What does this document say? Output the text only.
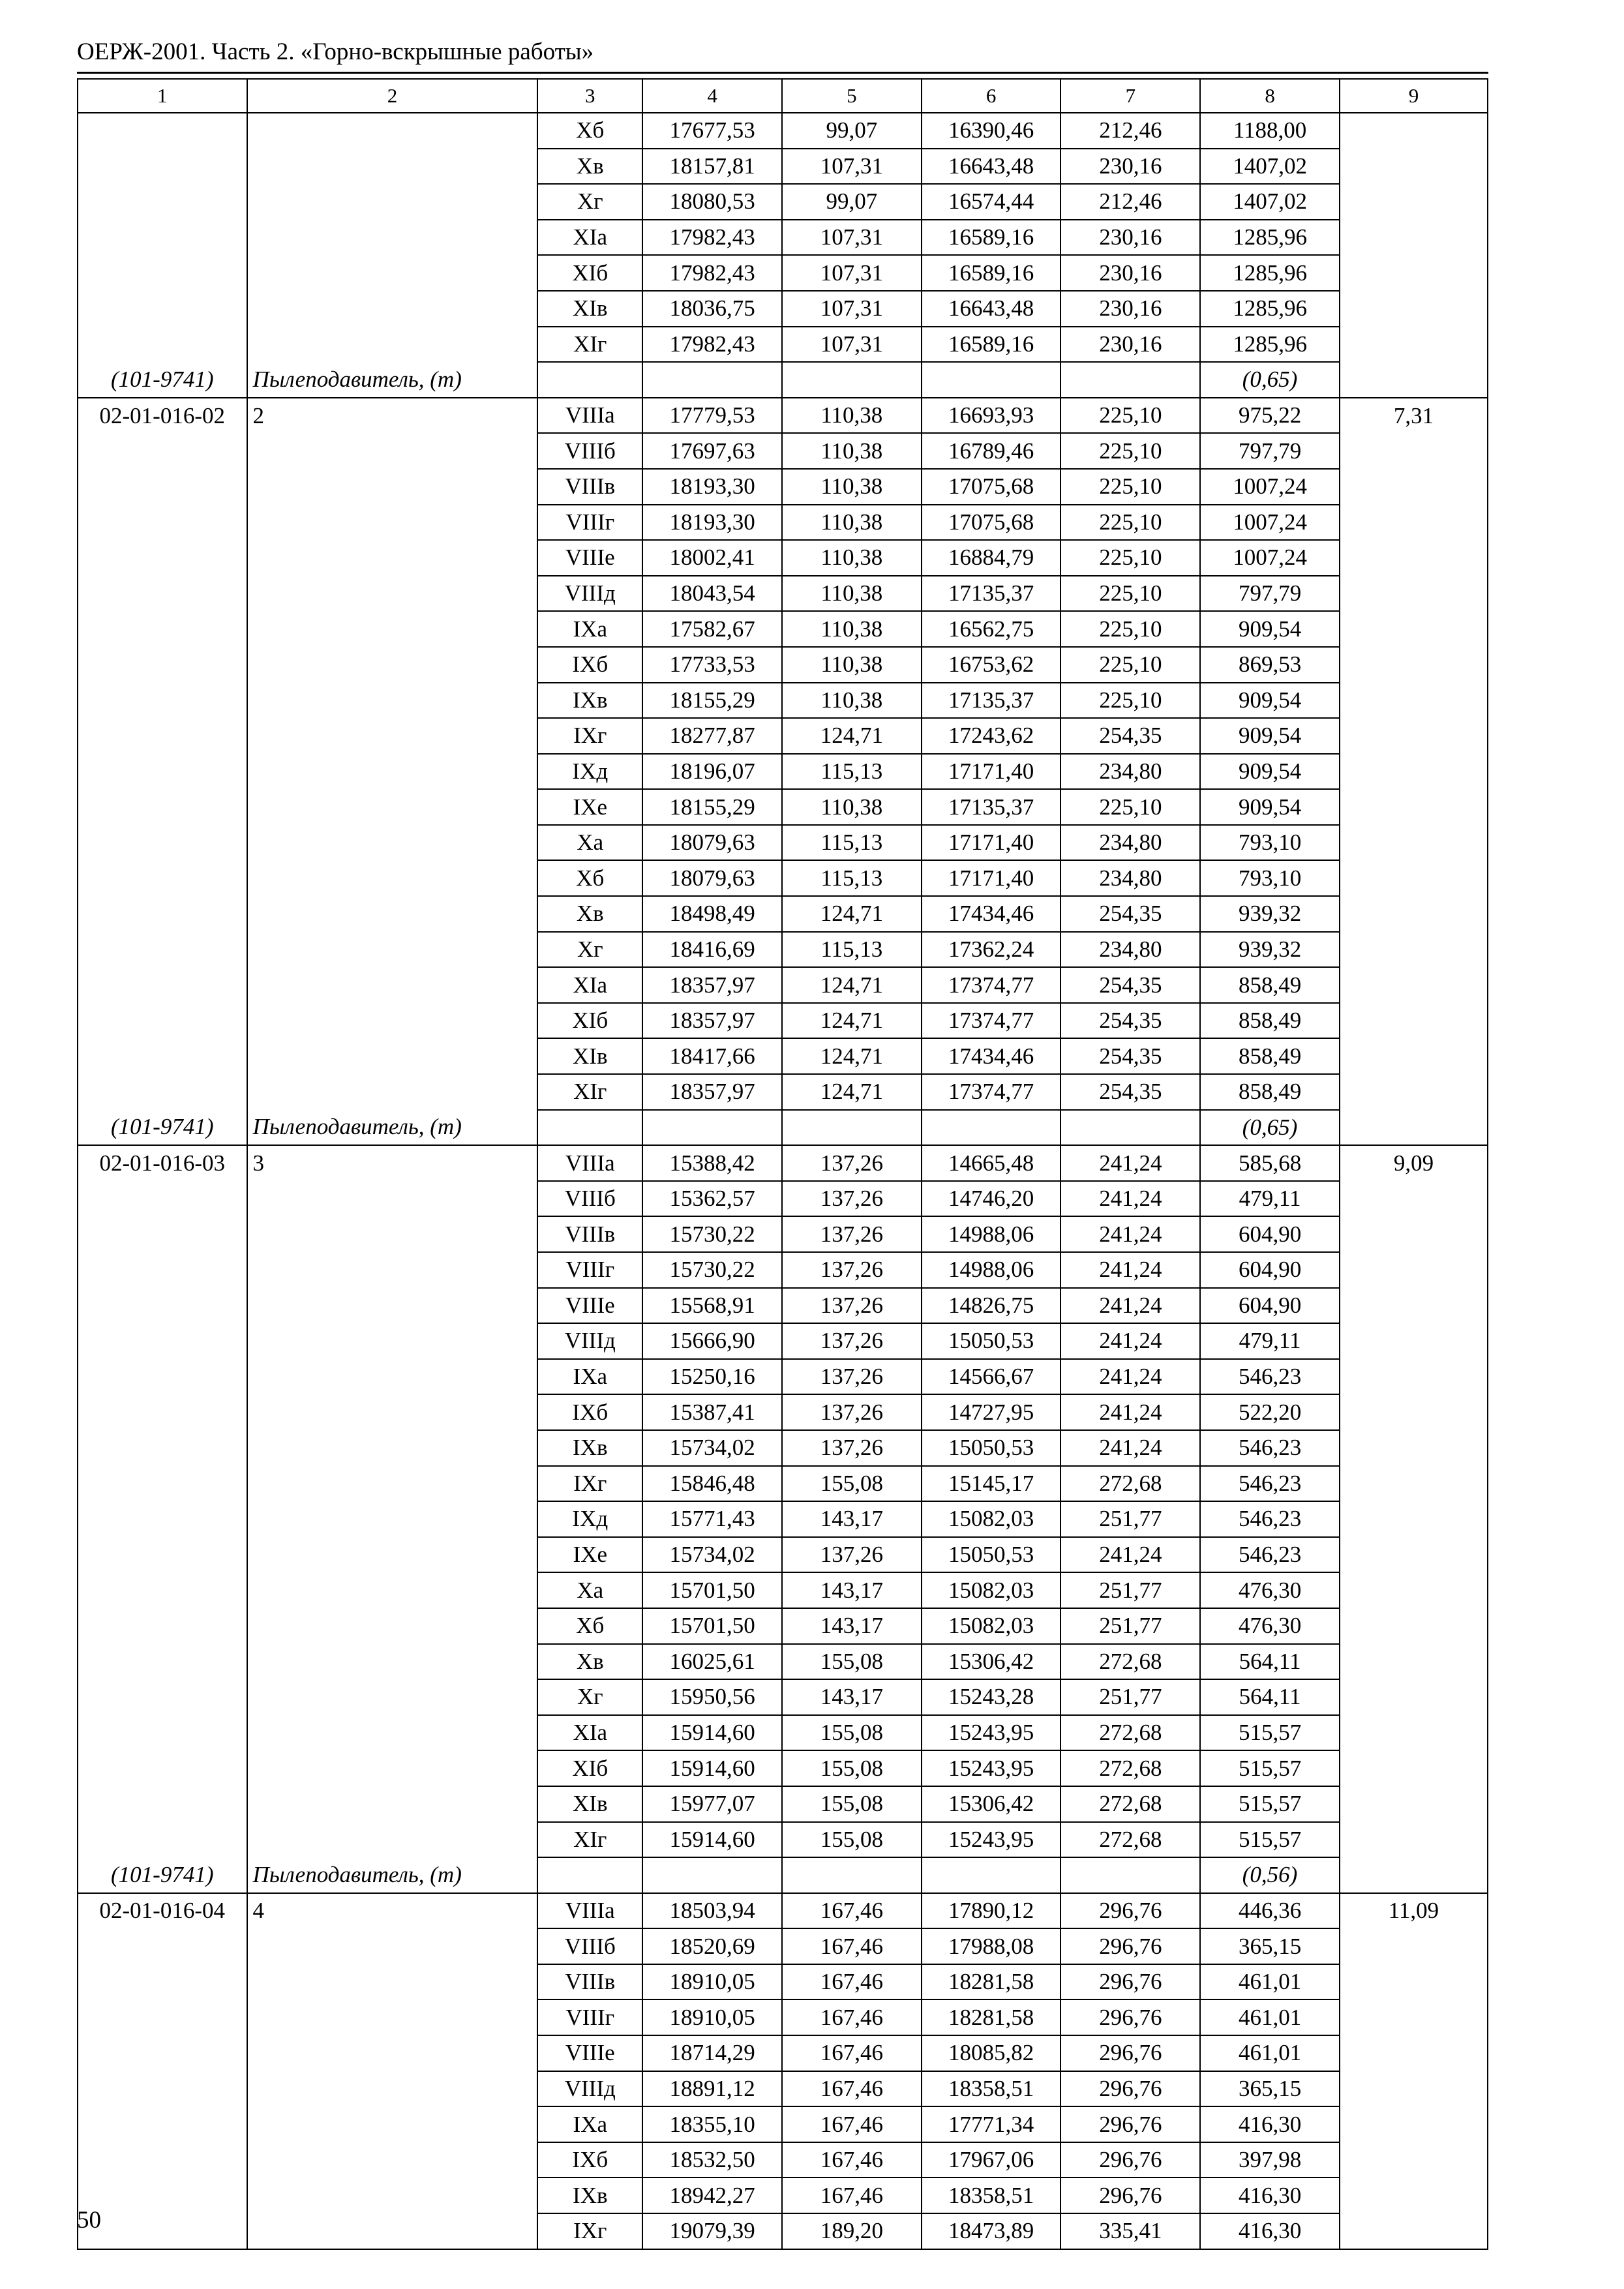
ОЕРЖ-2001. Часть 2. «Горно-вскрышные работы»
1	2	3	4	5	6	7	8	9
		Xб	17677,53	99,07	16390,46	212,46	1188,00	
		Xв	18157,81	107,31	16643,48	230,16	1407,02	
		Xг	18080,53	99,07	16574,44	212,46	1407,02	
		XIа	17982,43	107,31	16589,16	230,16	1285,96	
		XIб	17982,43	107,31	16589,16	230,16	1285,96	
		XIв	18036,75	107,31	16643,48	230,16	1285,96	
		XIг	17982,43	107,31	16589,16	230,16	1285,96	
(101-9741)	Пылеподавитель, (т)						(0,65)	
02-01-016-02	2	VIIIа	17779,53	110,38	16693,93	225,10	975,22	7,31
		VIIIб	17697,63	110,38	16789,46	225,10	797,79	
		VIIIв	18193,30	110,38	17075,68	225,10	1007,24	
		VIIIг	18193,30	110,38	17075,68	225,10	1007,24	
		VIIIе	18002,41	110,38	16884,79	225,10	1007,24	
		VIIIд	18043,54	110,38	17135,37	225,10	797,79	
		IXа	17582,67	110,38	16562,75	225,10	909,54	
		IXб	17733,53	110,38	16753,62	225,10	869,53	
		IXв	18155,29	110,38	17135,37	225,10	909,54	
		IXг	18277,87	124,71	17243,62	254,35	909,54	
		IXд	18196,07	115,13	17171,40	234,80	909,54	
		IXе	18155,29	110,38	17135,37	225,10	909,54	
		Xа	18079,63	115,13	17171,40	234,80	793,10	
		Xб	18079,63	115,13	17171,40	234,80	793,10	
		Xв	18498,49	124,71	17434,46	254,35	939,32	
		Xг	18416,69	115,13	17362,24	234,80	939,32	
		XIа	18357,97	124,71	17374,77	254,35	858,49	
		XIб	18357,97	124,71	17374,77	254,35	858,49	
		XIв	18417,66	124,71	17434,46	254,35	858,49	
		XIг	18357,97	124,71	17374,77	254,35	858,49	
(101-9741)	Пылеподавитель, (т)						(0,65)	
02-01-016-03	3	VIIIа	15388,42	137,26	14665,48	241,24	585,68	9,09
		VIIIб	15362,57	137,26	14746,20	241,24	479,11	
		VIIIв	15730,22	137,26	14988,06	241,24	604,90	
		VIIIг	15730,22	137,26	14988,06	241,24	604,90	
		VIIIе	15568,91	137,26	14826,75	241,24	604,90	
		VIIIд	15666,90	137,26	15050,53	241,24	479,11	
		IXа	15250,16	137,26	14566,67	241,24	546,23	
		IXб	15387,41	137,26	14727,95	241,24	522,20	
		IXв	15734,02	137,26	15050,53	241,24	546,23	
		IXг	15846,48	155,08	15145,17	272,68	546,23	
		IXд	15771,43	143,17	15082,03	251,77	546,23	
		IXе	15734,02	137,26	15050,53	241,24	546,23	
		Xа	15701,50	143,17	15082,03	251,77	476,30	
		Xб	15701,50	143,17	15082,03	251,77	476,30	
		Xв	16025,61	155,08	15306,42	272,68	564,11	
		Xг	15950,56	143,17	15243,28	251,77	564,11	
		XIа	15914,60	155,08	15243,95	272,68	515,57	
		XIб	15914,60	155,08	15243,95	272,68	515,57	
		XIв	15977,07	155,08	15306,42	272,68	515,57	
		XIг	15914,60	155,08	15243,95	272,68	515,57	
(101-9741)	Пылеподавитель, (т)						(0,56)	
02-01-016-04	4	VIIIа	18503,94	167,46	17890,12	296,76	446,36	11,09
		VIIIб	18520,69	167,46	17988,08	296,76	365,15	
		VIIIв	18910,05	167,46	18281,58	296,76	461,01	
		VIIIг	18910,05	167,46	18281,58	296,76	461,01	
		VIIIе	18714,29	167,46	18085,82	296,76	461,01	
		VIIIд	18891,12	167,46	18358,51	296,76	365,15	
		IXа	18355,10	167,46	17771,34	296,76	416,30	
		IXб	18532,50	167,46	17967,06	296,76	397,98	
		IXв	18942,27	167,46	18358,51	296,76	416,30	
		IXг	19079,39	189,20	18473,89	335,41	416,30	
50
